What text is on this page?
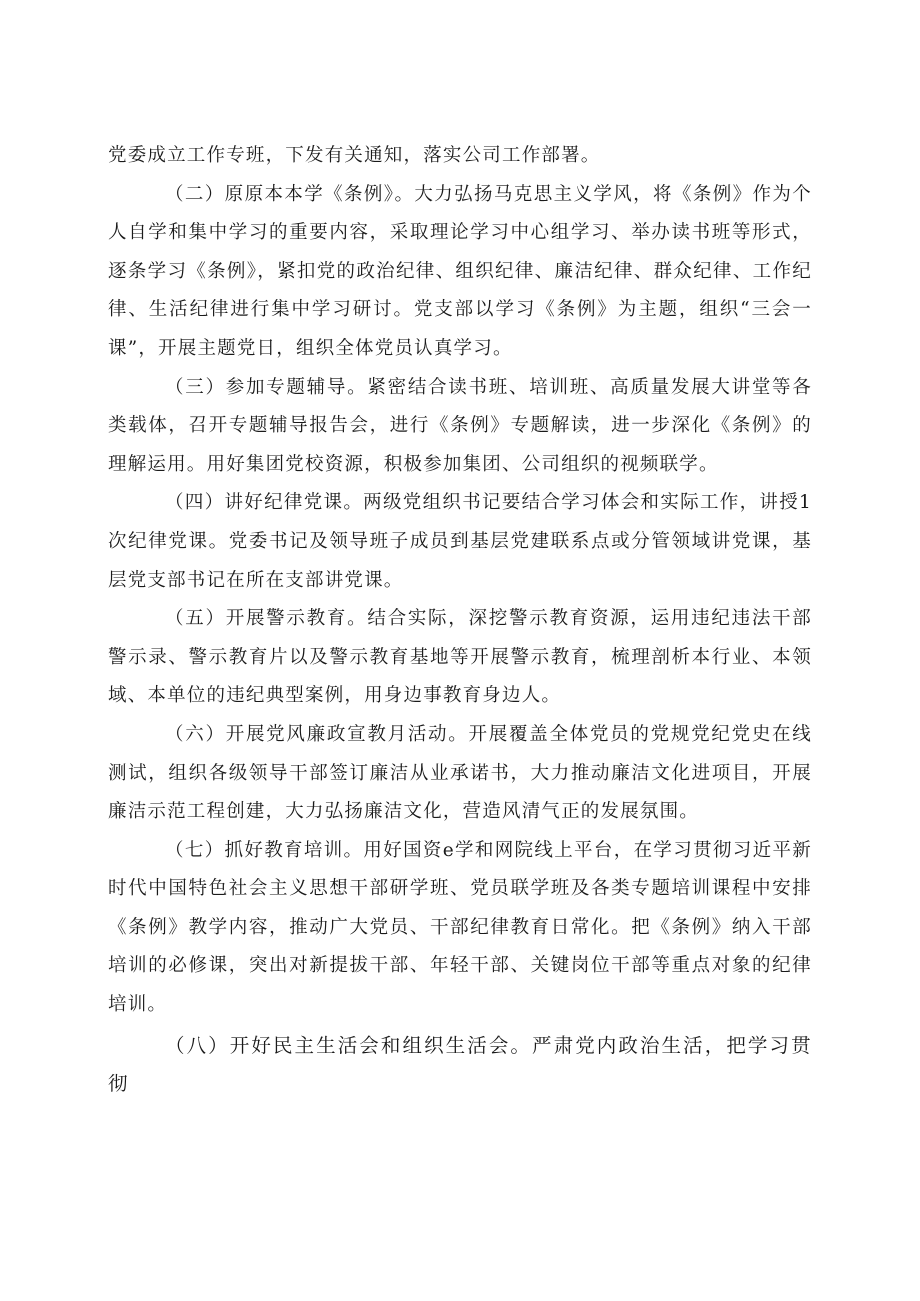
党委成立工作专班，下发有关通知，落实公司工作部署。

（二）原原本本学《条例》。大力弘扬马克思主义学风，将《条例》作为个人自学和集中学习的重要内容，采取理论学习中心组学习、举办读书班等形式，逐条学习《条例》，紧扣党的政治纪律、组织纪律、廉洁纪律、群众纪律、工作纪律、生活纪律进行集中学习研讨。党支部以学习《条例》为主题，组织“三会一课”，开展主题党日，组织全体党员认真学习。

（三）参加专题辅导。紧密结合读书班、培训班、高质量发展大讲堂等各类载体，召开专题辅导报告会，进行《条例》专题解读，进一步深化《条例》的理解运用。用好集团党校资源，积极参加集团、公司组织的视频联学。

（四）讲好纪律党课。两级党组织书记要结合学习体会和实际工作，讲授1次纪律党课。党委书记及领导班子成员到基层党建联系点或分管领域讲党课，基层党支部书记在所在支部讲党课。

（五）开展警示教育。结合实际，深挖警示教育资源，运用违纪违法干部警示录、警示教育片以及警示教育基地等开展警示教育，梳理剖析本行业、本领域、本单位的违纪典型案例，用身边事教育身边人。

（六）开展党风廉政宣教月活动。开展覆盖全体党员的党规党纪党史在线测试，组织各级领导干部签订廉洁从业承诺书，大力推动廉洁文化进项目，开展廉洁示范工程创建，大力弘扬廉洁文化，营造风清气正的发展氛围。

（七）抓好教育培训。用好国资e学和网院线上平台，在学习贯彻习近平新时代中国特色社会主义思想干部研学班、党员联学班及各类专题培训课程中安排《条例》教学内容，推动广大党员、干部纪律教育日常化。把《条例》纳入干部培训的必修课，突出对新提拔干部、年轻干部、关键岗位干部等重点对象的纪律培训。

（八）开好民主生活会和组织生活会。严肃党内政治生活，把学习贯彻
